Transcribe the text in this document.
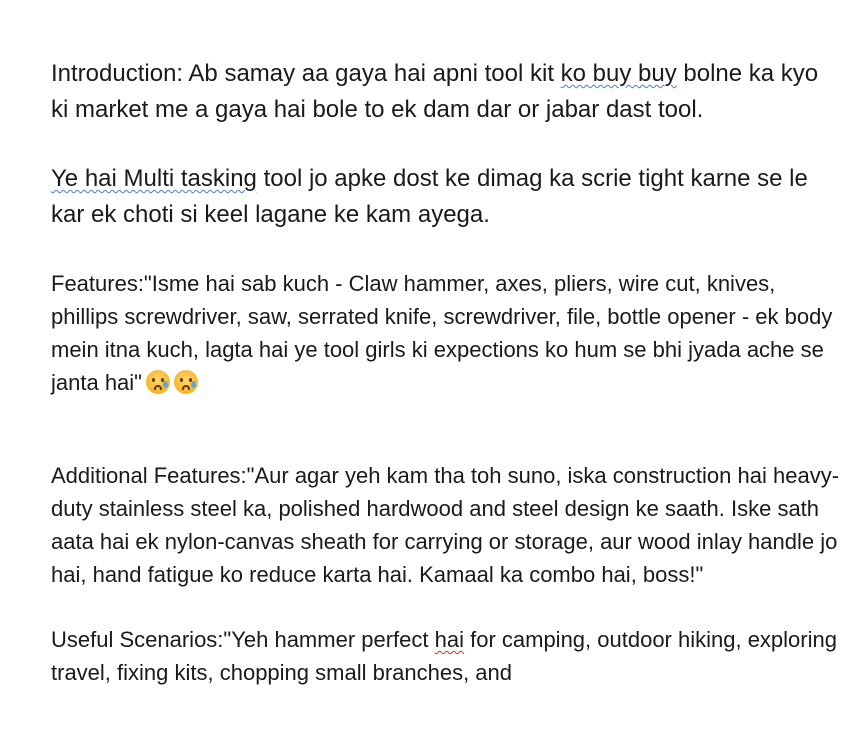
Introduction: Ab samay aa gaya hai apni tool kit ko buy buy bolne ka kyo ki market me a gaya hai bole to ek dam dar or jabar dast tool.

Ye hai Multi tasking tool jo apke dost ke dimag ka scrie tight karne se le kar ek choti si keel lagane ke kam ayega.

Features:"Isme hai sab kuch - Claw hammer, axes, pliers, wire cut, knives, phillips screwdriver, saw, serrated knife, screwdriver, file, bottle opener - ek body mein itna kuch, lagta hai ye tool girls ki expections ko hum se bhi jyada ache se janta hai"

Additional Features:"Aur agar yeh kam tha toh suno, iska construction hai heavy-duty stainless steel ka, polished hardwood and steel design ke saath. Iske sath aata hai ek nylon-canvas sheath for carrying or storage, aur wood inlay handle jo hai, hand fatigue ko reduce karta hai. Kamaal ka combo hai, boss!"

Useful Scenarios:"Yeh hammer perfect hai for camping, outdoor hiking, exploring travel, fixing kits, chopping small branches, and
